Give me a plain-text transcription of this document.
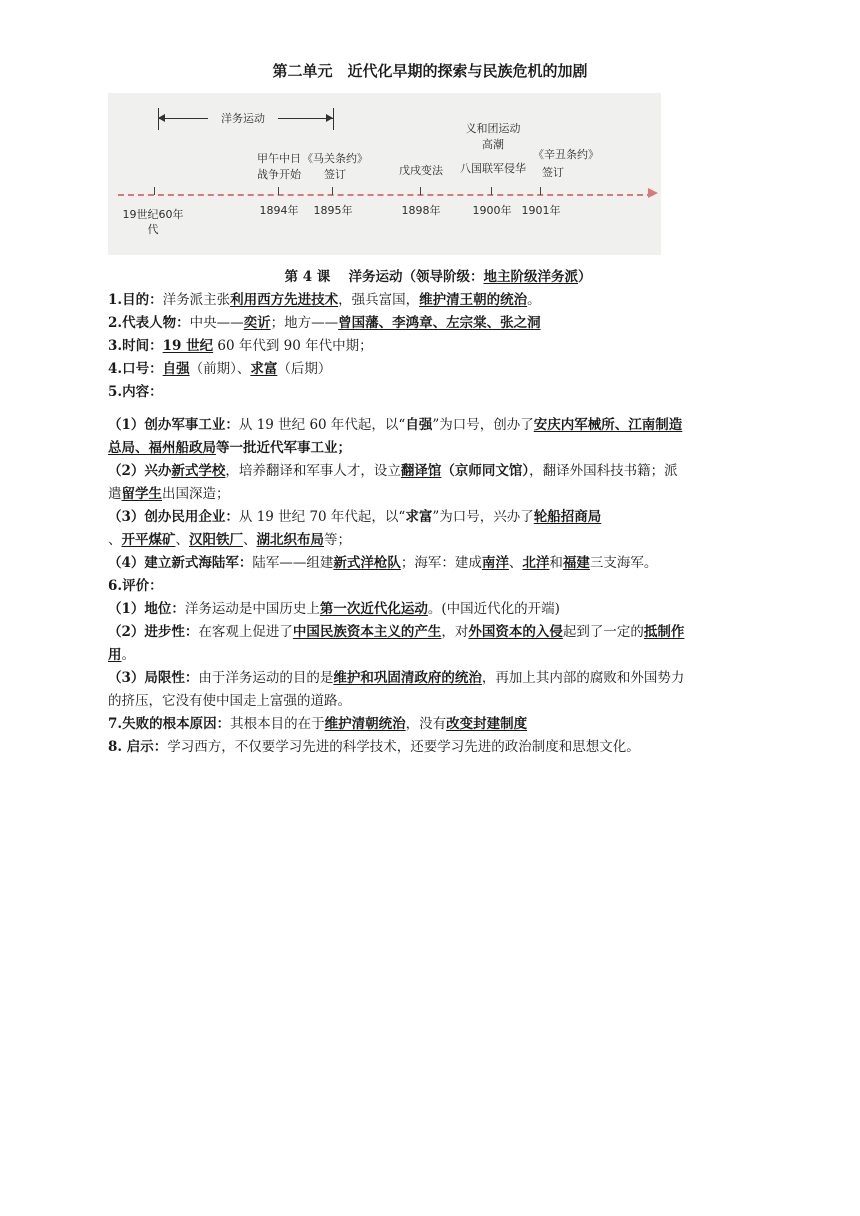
第二单元　近代化早期的探索与民族危机的加剧
洋务运动
19世纪60年代
甲午中日
战争开始
1894年
《马关条约》
签订
1895年
戊戌变法
1898年
义和团运动
高潮
八国联军侵华
1900年
《辛丑条约》
签订
1901年
第 4 课　 洋务运动（领导阶级：地主阶级洋务派）
1.目的：洋务派主张利用西方先进技术，强兵富国，维护清王朝的统治。
2.代表人物：中央——奕䜣；地方——曾国藩、李鸿章、左宗棠、张之洞
3.时间：19 世纪 60 年代到 90 年代中期；
4.口号：自强（前期）、求富（后期）
5.内容：
（1）创办军事工业：从 19 世纪 60 年代起，以“自强”为口号，创办了安庆内军械所、江南制造
总局、福州船政局等一批近代军事工业；
（2）兴办新式学校，培养翻译和军事人才，设立翻译馆（京师同文馆），翻译外国科技书籍；派
遣留学生出国深造；
（3）创办民用企业：从 19 世纪 70 年代起，以“求富”为口号，兴办了轮船招商局
、开平煤矿、汉阳铁厂、湖北织布局等；
（4）建立新式海陆军：陆军——组建新式洋枪队；海军：建成南洋、北洋和福建三支海军。
6.评价：
（1）地位：洋务运动是中国历史上第一次近代化运动。(中国近代化的开端)
（2）进步性：在客观上促进了中国民族资本主义的产生，对外国资本的入侵起到了一定的抵制作
用。
（3）局限性：由于洋务运动的目的是维护和巩固清政府的统治，再加上其内部的腐败和外国势力
的挤压，它没有使中国走上富强的道路。
7.失败的根本原因：其根本目的在于维护清朝统治，没有改变封建制度
8. 启示：学习西方，不仅要学习先进的科学技术，还要学习先进的政治制度和思想文化。
